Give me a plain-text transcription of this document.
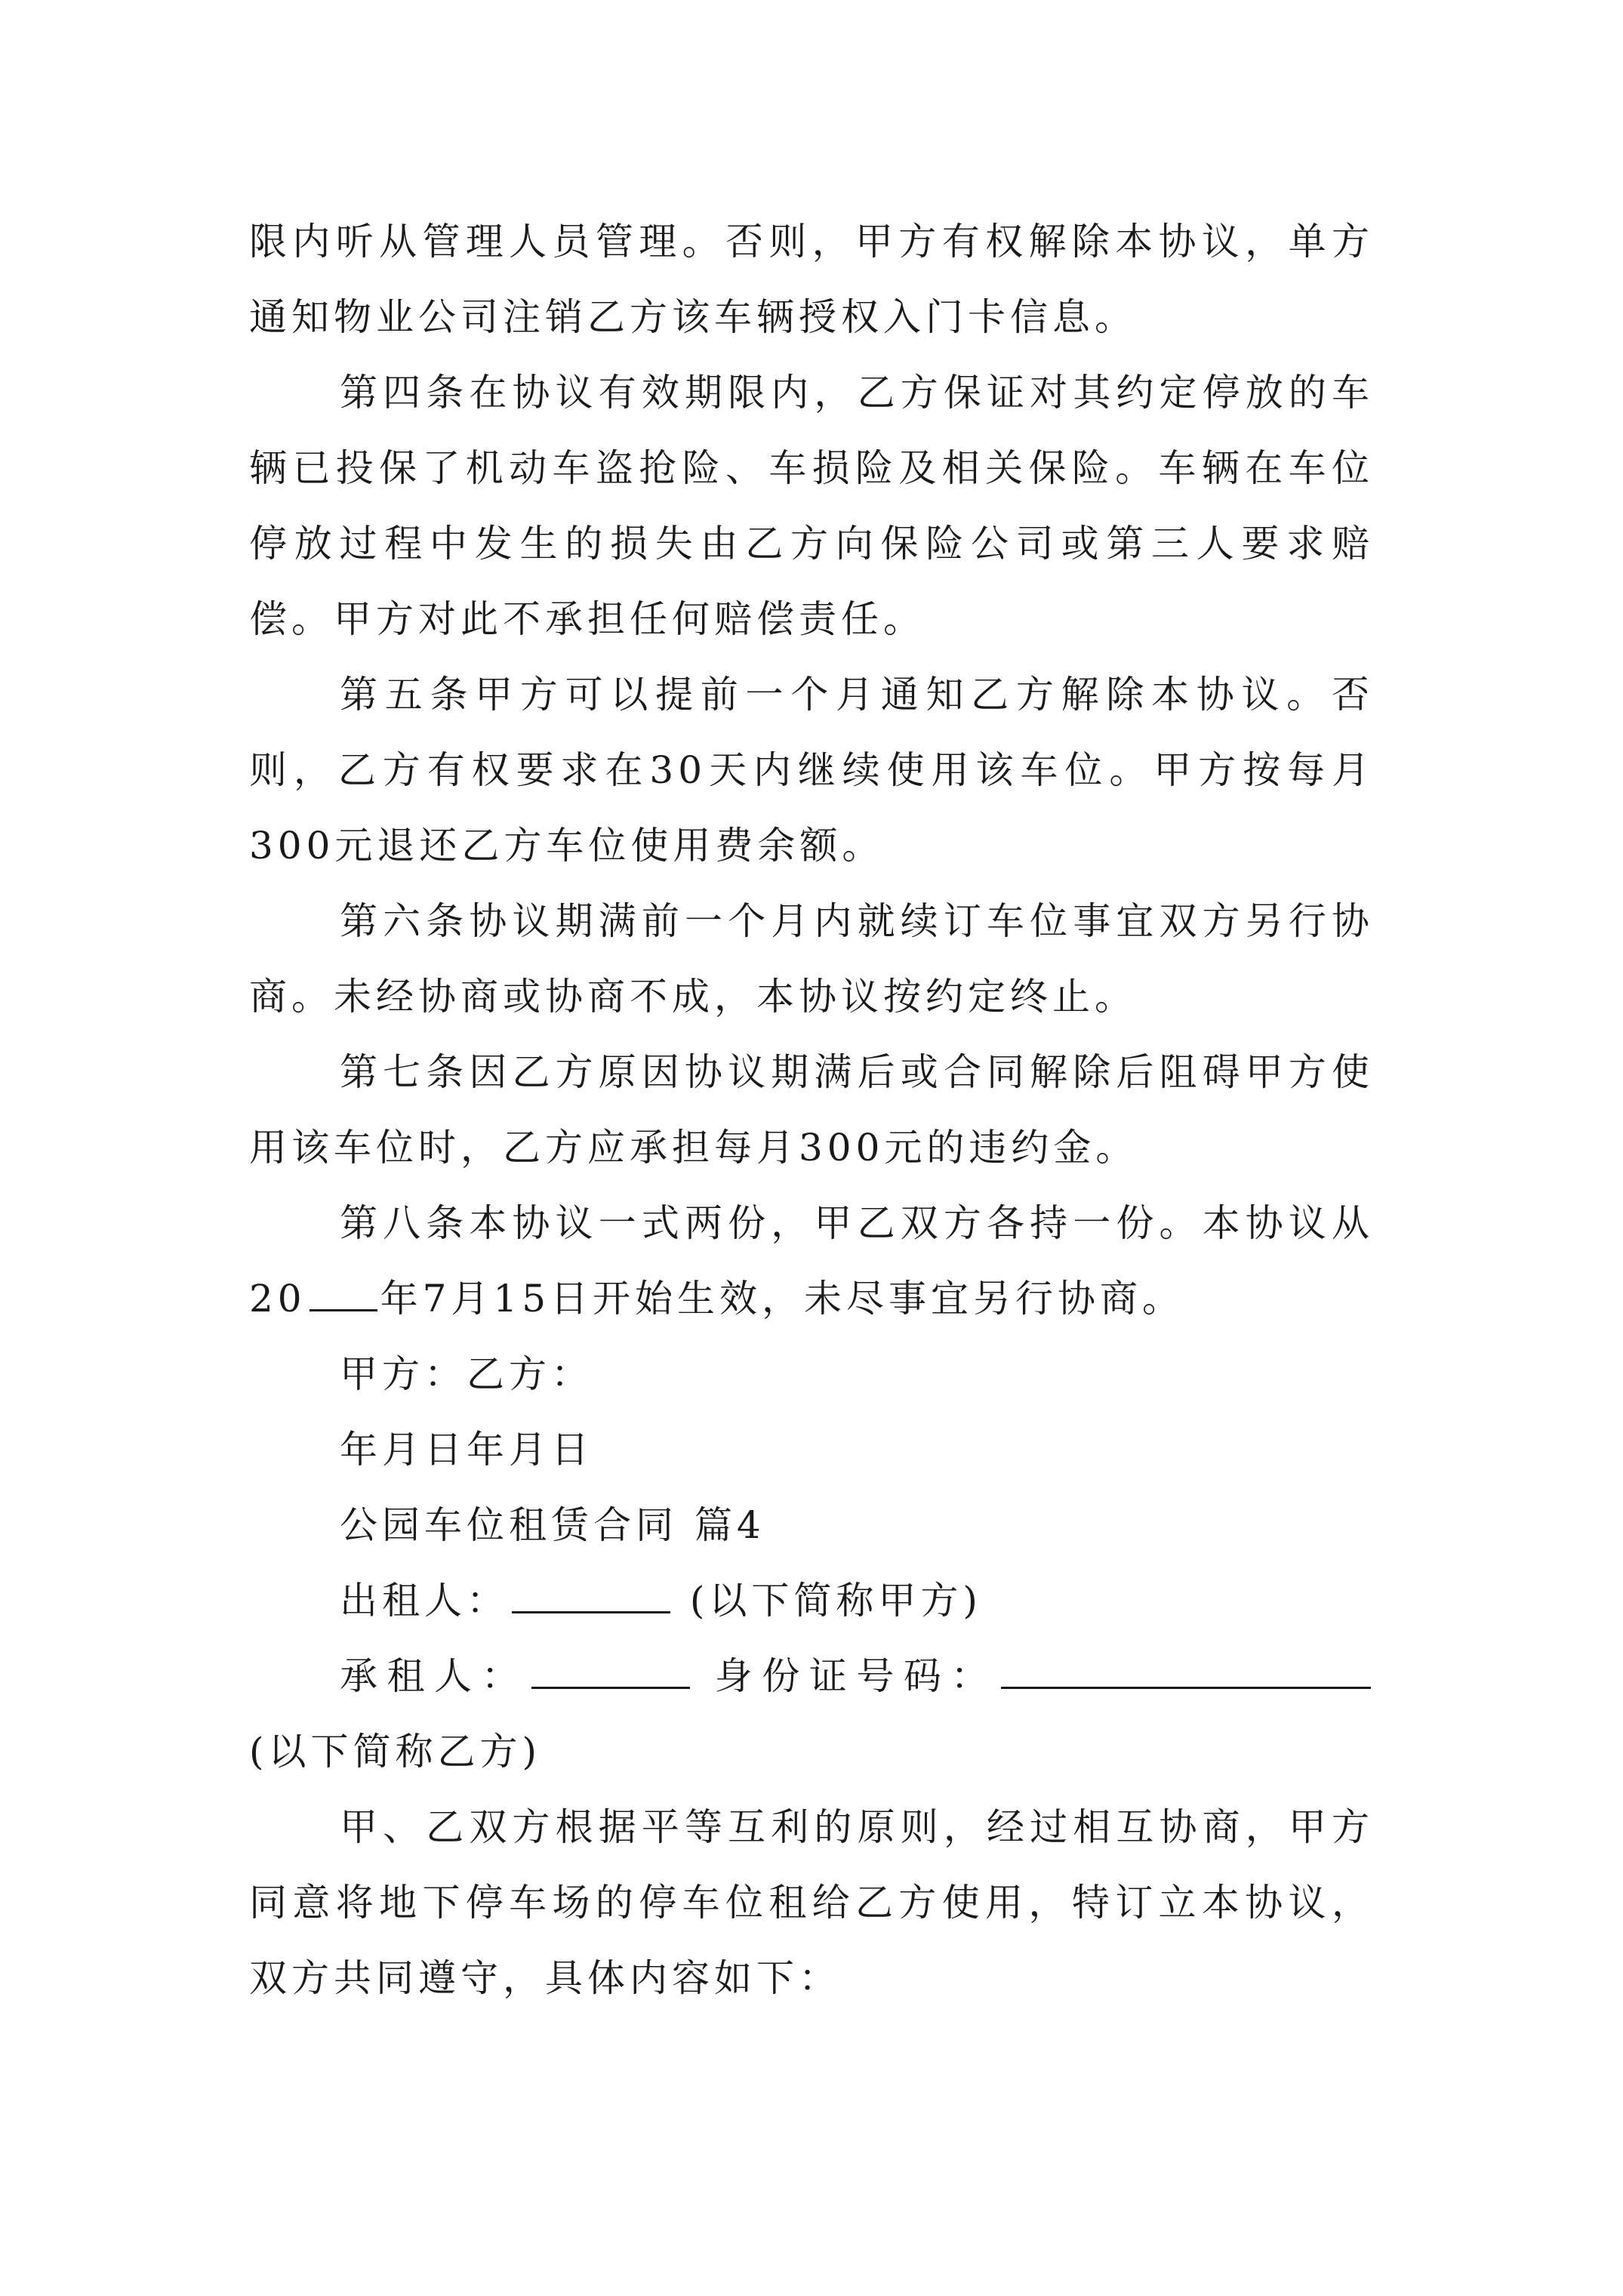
限内听从管理人员管理。否则，甲方有权解除本协议，单方通知物业公司注销乙方该车辆授权入门卡信息。

第四条在协议有效期限内，乙方保证对其约定停放的车辆已投保了机动车盗抢险、车损险及相关保险。车辆在车位停放过程中发生的损失由乙方向保险公司或第三人要求赔偿。甲方对此不承担任何赔偿责任。

第五条甲方可以提前一个月通知乙方解除本协议。否则，乙方有权要求在30天内继续使用该车位。甲方按每月300元退还乙方车位使用费余额。

第六条协议期满前一个月内就续订车位事宜双方另行协商。未经协商或协商不成，本协议按约定终止。

第七条因乙方原因协议期满后或合同解除后阻碍甲方使用该车位时，乙方应承担每月300元的违约金。

第八条本协议一式两份，甲乙双方各持一份。本协议从20 年7月15日开始生效，未尽事宜另行协商。

甲方：乙方：

年月日年月日

公园车位租赁合同 篇4

出租人：	(以下简称甲方)

承租人：	身份证号码：(以下简称乙方)

甲、乙双方根据平等互利的原则，经过相互协商，甲方同意将地下停车场的停车位租给乙方使用，特订立本协议，双方共同遵守，具体内容如下：
